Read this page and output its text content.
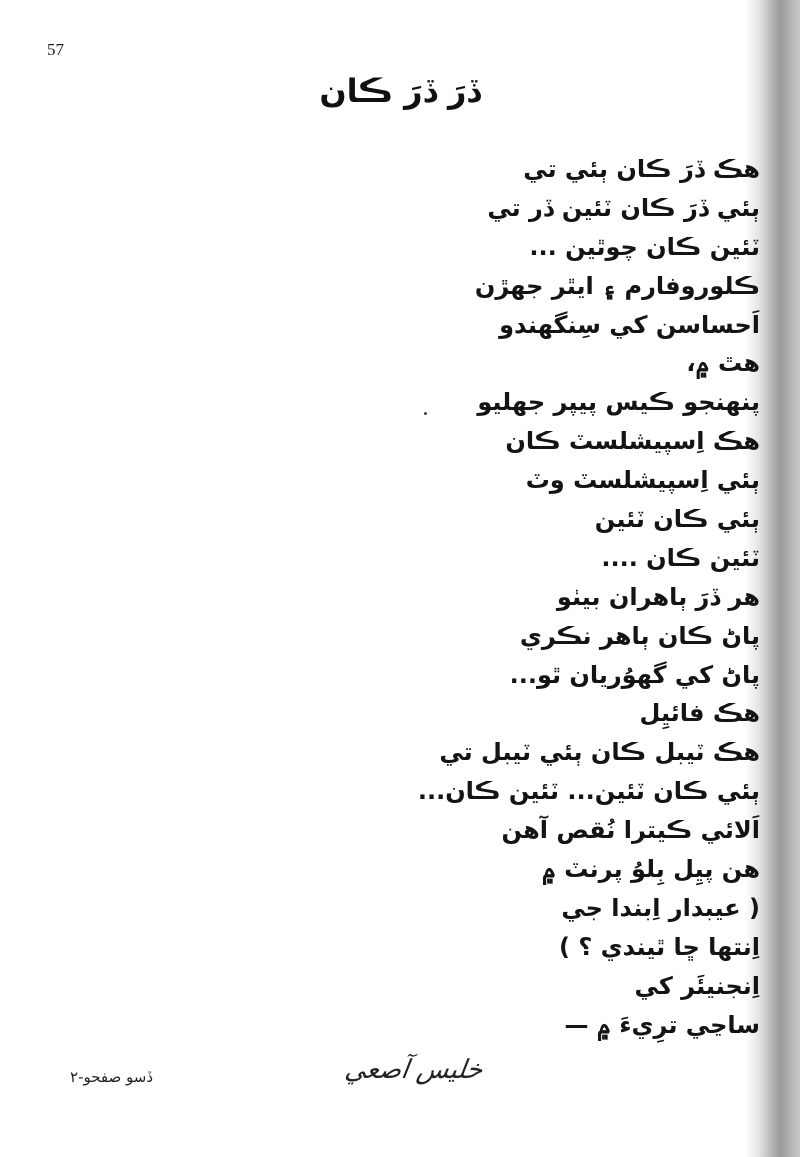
57
ڏرَ ڏرَ ڪان
هڪ ڏرَ ڪان ٻئي تي
ٻئي ڏرَ ڪان ٽئين ڏر تي
ٽئين ڪان چوٿين ...
ڪلوروفارم ۽ ايٿر جهڙن
اَحساسن کي سِنگهندو
هٿ ۾،
پنهنجو ڪيس پيپر جهليو
هڪ اِسپيشلسٽ ڪان
ٻئي اِسپيشلسٽ وٽ
ٻئي ڪان ٽئين
ٽئين ڪان ....
هر ڏرَ ٻاهران بيٺو
پاڻ ڪان ٻاهر نڪري
پاڻ کي گهوُريان ٿو...
هڪ فائيِل
هڪ ٽيبل ڪان ٻئي ٽيبل تي
ٻئي ڪان ٽئين... ٽئين ڪان...
اَلائي ڪيترا نُقص آهن
هن پيِل بِلوُ پرنٽ ۾
( عيبدار اِبندا جي
اِنتها ڇا ٿيندي ؟ )
اِنجنيئَر کي
ساڃي ترِيءَ ۾ —
خلیس آصعي
ڏسو صفحو-٢
